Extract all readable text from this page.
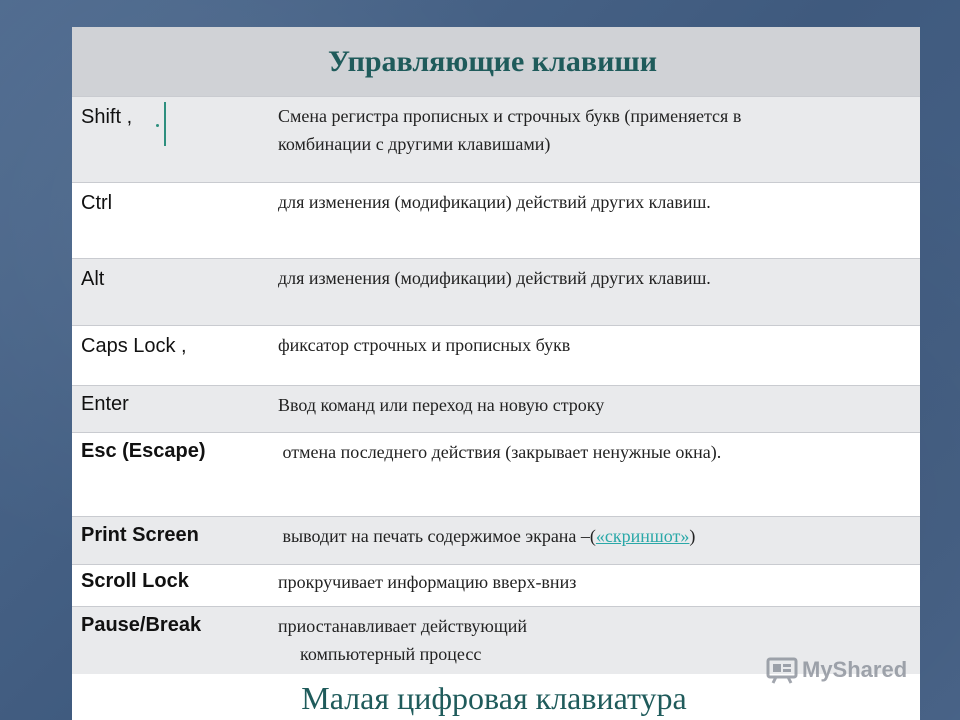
Управляющие клавиши
Shift ,	Смена регистра прописных и строчных букв (применяется в
комбинации с другими клавишами)
Ctrl	для изменения (модификации) действий других клавиш.
Alt	для изменения (модификации) действий других клавиш.
Caps Lock ,	фиксатор строчных и прописных букв
Enter	Ввод команд или переход на новую строку
Esc (Escape)	отмена последнего действия (закрывает ненужные окна).
Print Screen	выводит на печать содержимое экрана –(«скриншот»)
Scroll Lock	прокручивает информацию вверх-вниз
Pause/Break	приостанавливает действующий
компьютерный процесс
Малая цифровая клавиатура
MyShared
